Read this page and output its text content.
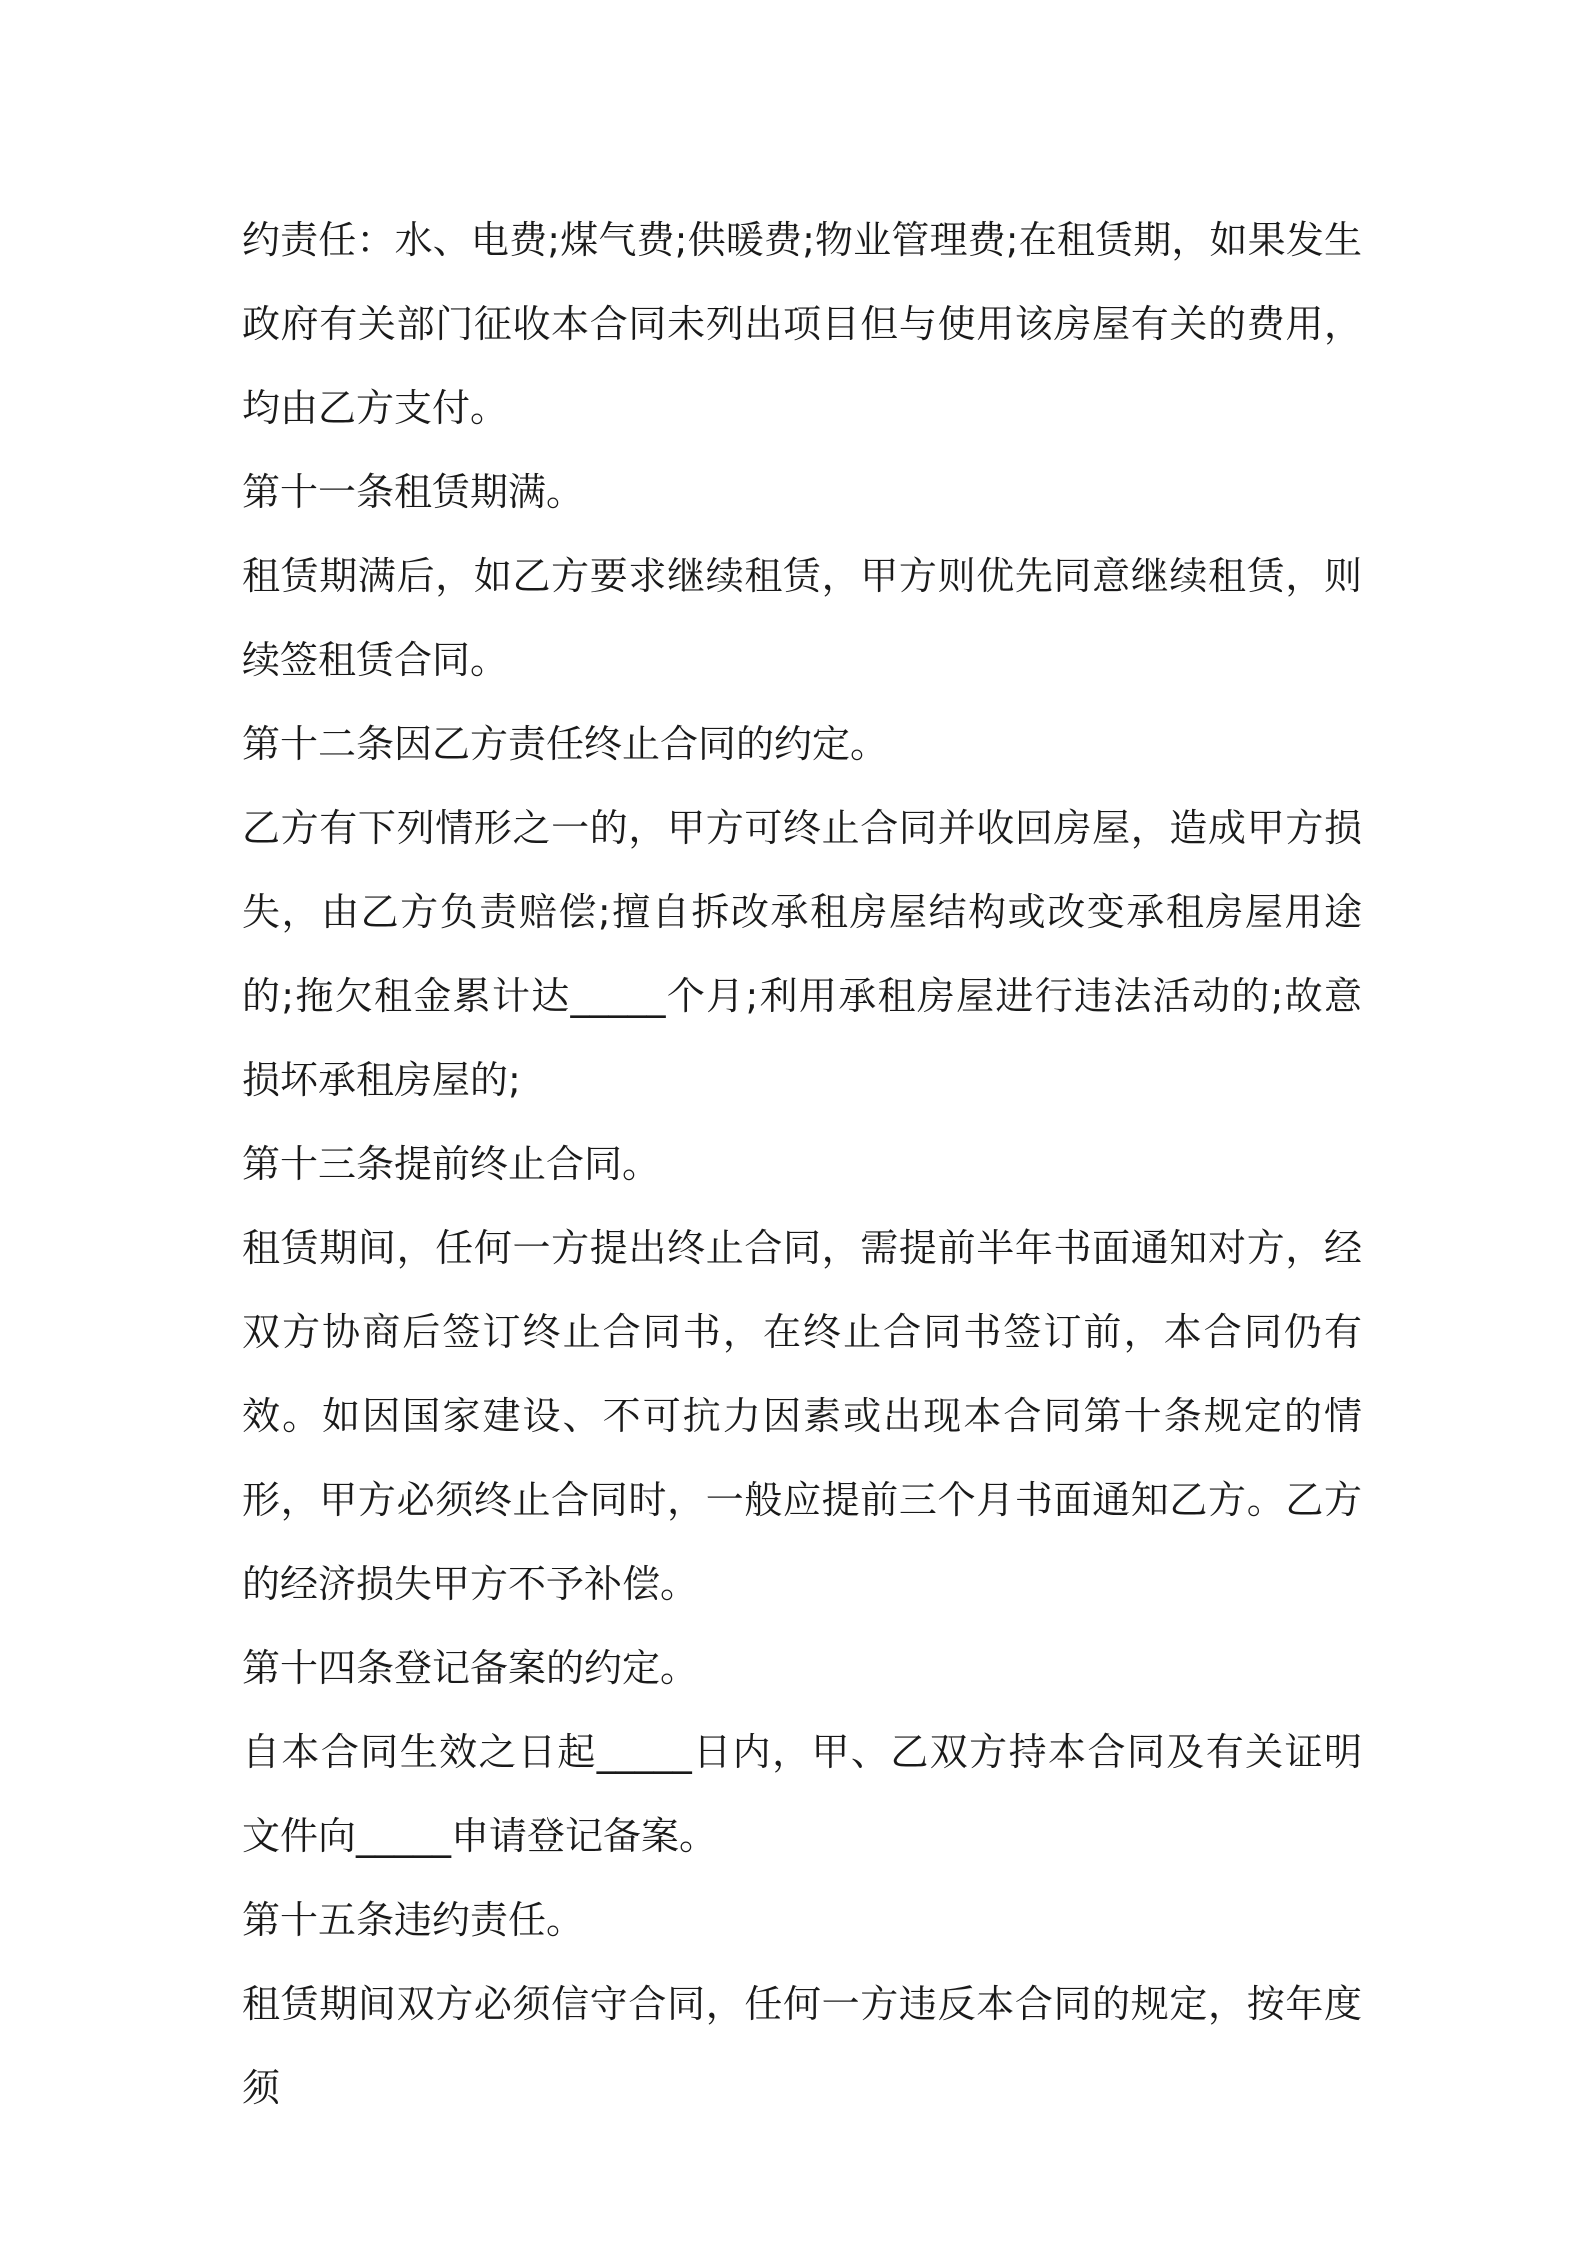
约责任：水、电费;煤气费;供暖费;物业管理费;在租赁期，如果发生政府有关部门征收本合同未列出项目但与使用该房屋有关的费用，均由乙方支付。

第十一条租赁期满。

租赁期满后，如乙方要求继续租赁，甲方则优先同意继续租赁，则续签租赁合同。

第十二条因乙方责任终止合同的约定。

乙方有下列情形之一的，甲方可终止合同并收回房屋，造成甲方损失，由乙方负责赔偿;擅自拆改承租房屋结构或改变承租房屋用途的;拖欠租金累计达_____个月;利用承租房屋进行违法活动的;故意损坏承租房屋的;

第十三条提前终止合同。

租赁期间，任何一方提出终止合同，需提前半年书面通知对方，经双方协商后签订终止合同书，在终止合同书签订前，本合同仍有效。如因国家建设、不可抗力因素或出现本合同第十条规定的情形，甲方必须终止合同时，一般应提前三个月书面通知乙方。乙方的经济损失甲方不予补偿。

第十四条登记备案的约定。

自本合同生效之日起_____日内，甲、乙双方持本合同及有关证明文件向_____申请登记备案。

第十五条违约责任。

租赁期间双方必须信守合同，任何一方违反本合同的规定，按年度须
